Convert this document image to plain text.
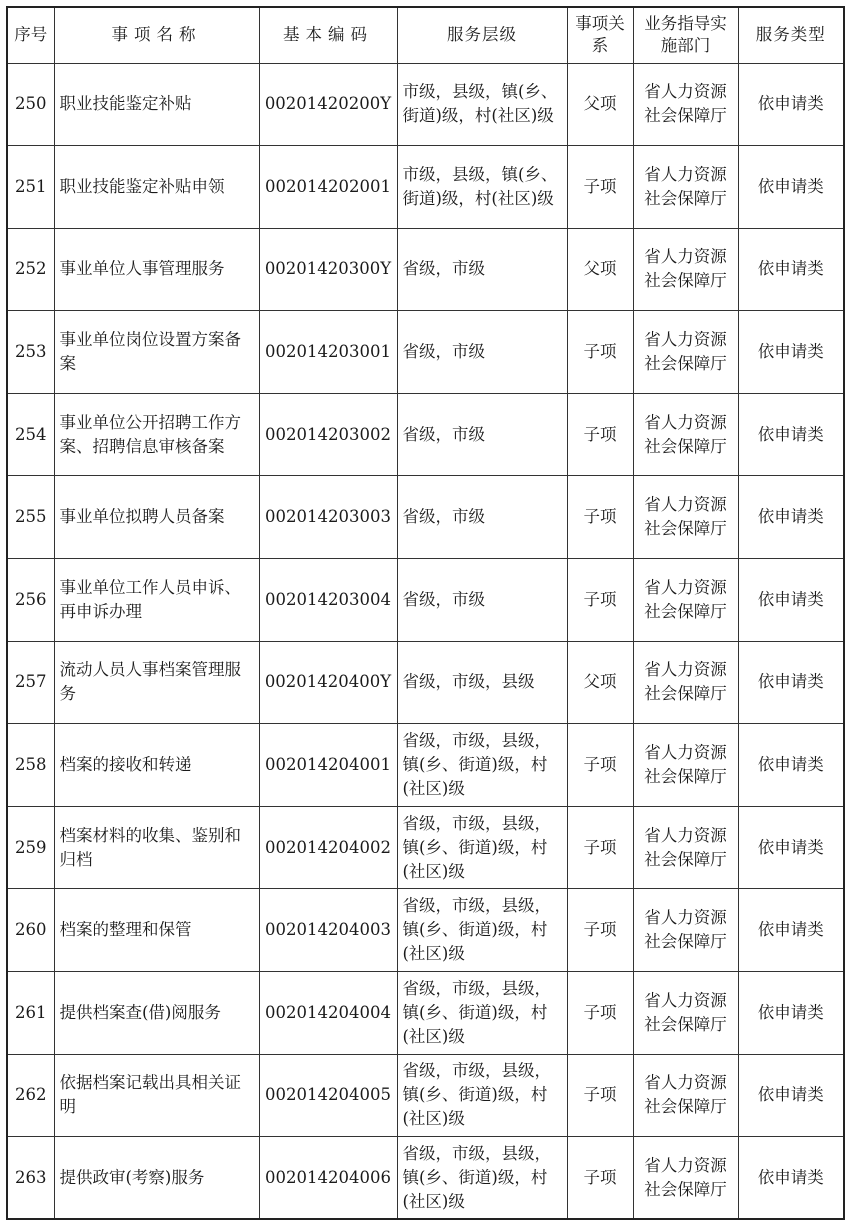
序号	事项名称	基本编码	服务层级	事项关系	业务指导实施部门	服务类型
250	职业技能鉴定补贴	00201420200Y	市级，县级，镇(乡、街道)级，村(社区)级	父项	省人力资源社会保障厅	依申请类
251	职业技能鉴定补贴申领	002014202001	市级，县级，镇(乡、街道)级，村(社区)级	子项	省人力资源社会保障厅	依申请类
252	事业单位人事管理服务	00201420300Y	省级，市级	父项	省人力资源社会保障厅	依申请类
253	事业单位岗位设置方案备案	002014203001	省级，市级	子项	省人力资源社会保障厅	依申请类
254	事业单位公开招聘工作方案、招聘信息审核备案	002014203002	省级，市级	子项	省人力资源社会保障厅	依申请类
255	事业单位拟聘人员备案	002014203003	省级，市级	子项	省人力资源社会保障厅	依申请类
256	事业单位工作人员申诉、再申诉办理	002014203004	省级，市级	子项	省人力资源社会保障厅	依申请类
257	流动人员人事档案管理服务	00201420400Y	省级，市级，县级	父项	省人力资源社会保障厅	依申请类
258	档案的接收和转递	002014204001	省级，市级，县级，镇(乡、街道)级，村(社区)级	子项	省人力资源社会保障厅	依申请类
259	档案材料的收集、鉴别和归档	002014204002	省级，市级，县级，镇(乡、街道)级，村(社区)级	子项	省人力资源社会保障厅	依申请类
260	档案的整理和保管	002014204003	省级，市级，县级，镇(乡、街道)级，村(社区)级	子项	省人力资源社会保障厅	依申请类
261	提供档案查(借)阅服务	002014204004	省级，市级，县级，镇(乡、街道)级，村(社区)级	子项	省人力资源社会保障厅	依申请类
262	依据档案记载出具相关证明	002014204005	省级，市级，县级，镇(乡、街道)级，村(社区)级	子项	省人力资源社会保障厅	依申请类
263	提供政审(考察)服务	002014204006	省级，市级，县级，镇(乡、街道)级，村(社区)级	子项	省人力资源社会保障厅	依申请类
